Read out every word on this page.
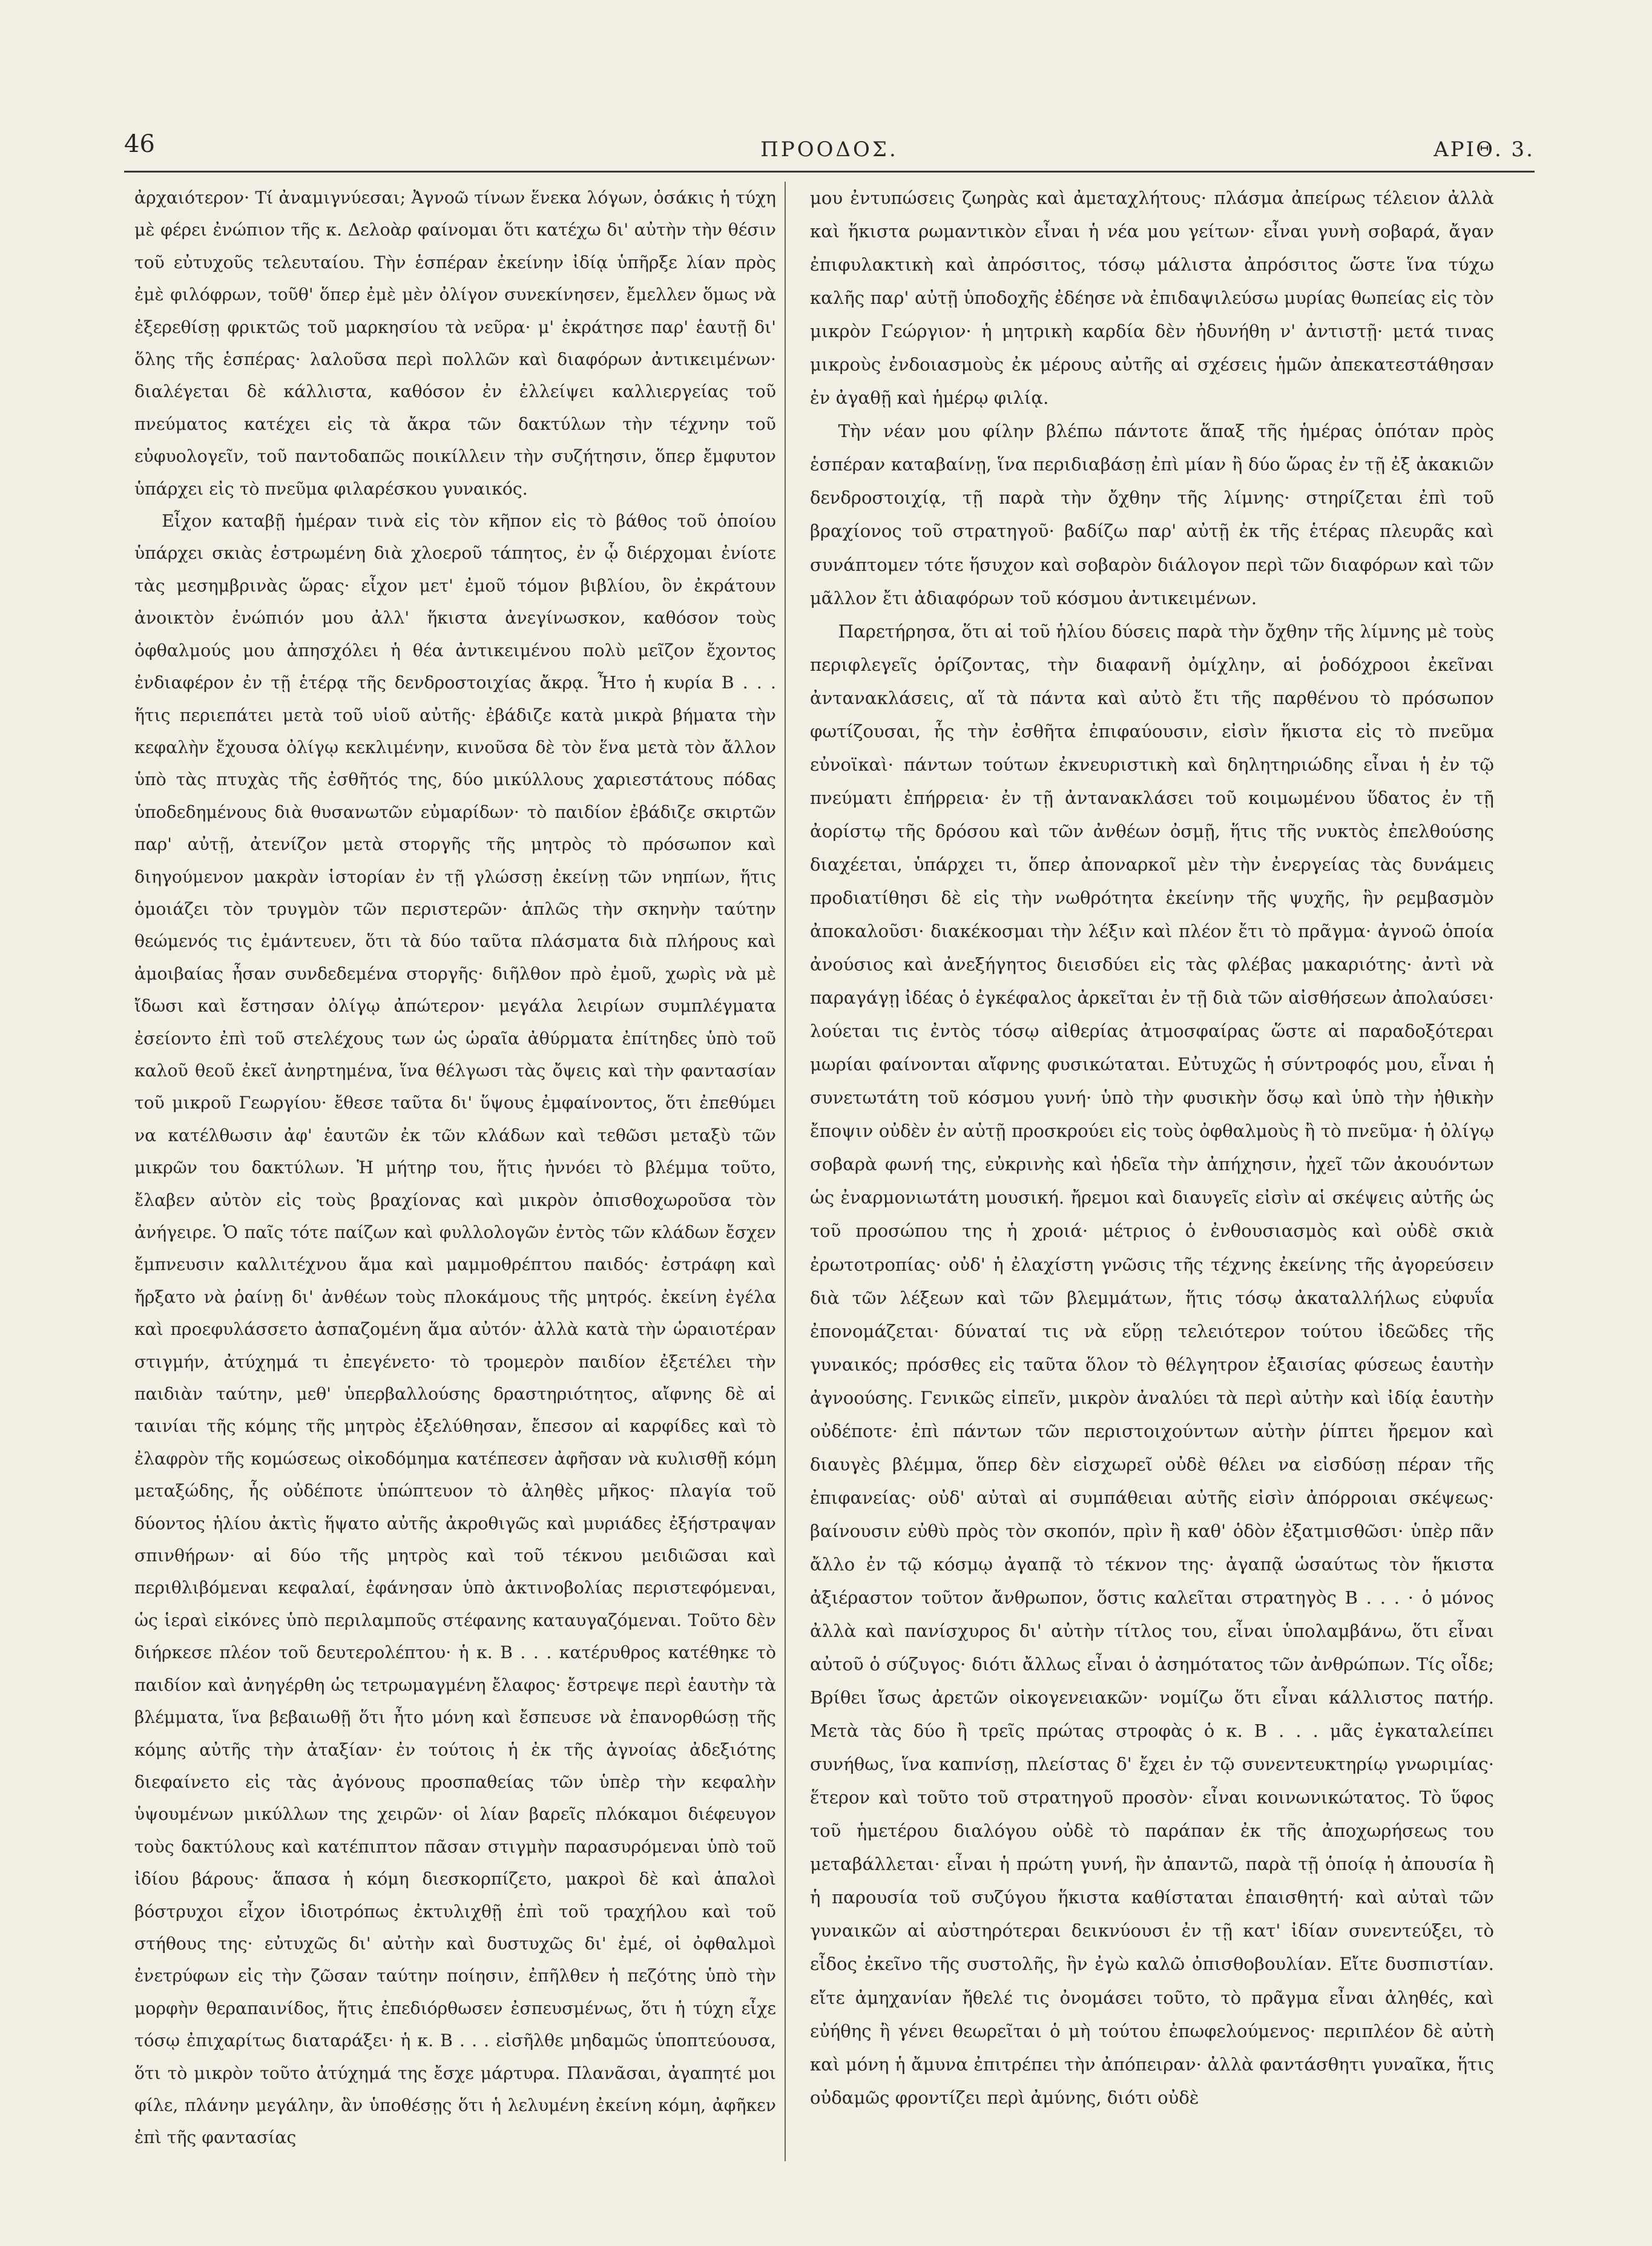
46	ΠΡΟΟΔΟΣ.	ΑΡΙΘ. 3.

ἀρχαιότερον· Τί ἀναμιγνύεσαι; Ἀγνοῶ τίνων ἕνεκα λόγων, ὁσάκις ἡ τύχη μὲ φέρει ἐνώπιον τῆς κ. Δελοὰρ φαίνομαι ὅτι κατέχω δι' αὐτὴν τὴν θέσιν τοῦ εὐτυχοῦς τελευταίου. Τὴν ἑσπέραν ἐκείνην ἰδίᾳ ὑπῆρξε λίαν πρὸς ἐμὲ φιλόφρων, τοῦθ' ὅπερ ἐμὲ μὲν ὀλίγον συνεκίνησεν, ἔμελλεν ὅμως νὰ ἐξερεθίσῃ φρικτῶς τοῦ μαρκησίου τὰ νεῦρα· μ' ἐκράτησε παρ' ἑαυτῇ δι' ὅλης τῆς ἑσπέρας· λαλοῦσα περὶ πολλῶν καὶ διαφόρων ἀντικειμένων· διαλέγεται δὲ κάλλιστα, καθόσον ἐν ἐλλείψει καλλιεργείας τοῦ πνεύματος κατέχει εἰς τὰ ἄκρα τῶν δακτύλων τὴν τέχνην τοῦ εὐφυολογεῖν, τοῦ παντοδαπῶς ποικίλλειν τὴν συζήτησιν, ὅπερ ἔμφυτον ὑπάρχει εἰς τὸ πνεῦμα φιλαρέσκου γυναικός.

Εἶχον καταβῇ ἡμέραν τινὰ εἰς τὸν κῆπον εἰς τὸ βάθος τοῦ ὁποίου ὑπάρχει σκιὰς ἐστρωμένη διὰ χλοεροῦ τάπητος, ἐν ᾧ διέρχομαι ἐνίοτε τὰς μεσημβρινὰς ὥρας· εἶχον μετ' ἐμοῦ τόμον βιβλίου, ὃν ἐκράτουν ἀνοικτὸν ἐνώπιόν μου ἀλλ' ἥκιστα ἀνεγίνωσκον, καθόσον τοὺς ὀφθαλμούς μου ἀπησχόλει ἡ θέα ἀντικειμένου πολὺ μεῖζον ἔχοντος ἐνδιαφέρον ἐν τῇ ἑτέρᾳ τῆς δενδροστοιχίας ἄκρᾳ. Ἦτο ἡ κυρία Β . . . ἥτις περιεπάτει μετὰ τοῦ υἱοῦ αὐτῆς· ἐβάδιζε κατὰ μικρὰ βήματα τὴν κεφαλὴν ἔχουσα ὀλίγῳ κεκλιμένην, κινοῦσα δὲ τὸν ἕνα μετὰ τὸν ἄλλον ὑπὸ τὰς πτυχὰς τῆς ἐσθῆτός της, δύο μικύλλους χαριεστάτους πόδας ὑποδεδημένους διὰ θυσανωτῶν εὐμαρίδων· τὸ παιδίον ἐβάδιζε σκιρτῶν παρ' αὐτῇ, ἀτενίζον μετὰ στοργῆς τῆς μητρὸς τὸ πρόσωπον καὶ διηγούμενον μακρὰν ἱστορίαν ἐν τῇ γλώσσῃ ἐκείνῃ τῶν νηπίων, ἥτις ὁμοιάζει τὸν τρυγμὸν τῶν περιστερῶν· ἁπλῶς τὴν σκηνὴν ταύτην θεώμενός τις ἐμάντευεν, ὅτι τὰ δύο ταῦτα πλάσματα διὰ πλήρους καὶ ἀμοιβαίας ἦσαν συνδεδεμένα στοργῆς· διῆλθον πρὸ ἐμοῦ, χωρὶς νὰ μὲ ἴδωσι καὶ ἔστησαν ὀλίγῳ ἀπώτερον· μεγάλα λειρίων συμπλέγματα ἐσείοντο ἐπὶ τοῦ στελέχους των ὡς ὡραῖα ἀθύρματα ἐπίτηδες ὑπὸ τοῦ καλοῦ θεοῦ ἐκεῖ ἀνηρτημένα, ἵνα θέλγωσι τὰς ὄψεις καὶ τὴν φαντασίαν τοῦ μικροῦ Γεωργίου· ἔθεσε ταῦτα δι' ὕψους ἐμφαίνοντος, ὅτι ἐπεθύμει να κατέλθωσιν ἀφ' ἑαυτῶν ἐκ τῶν κλάδων καὶ τεθῶσι μεταξὺ τῶν μικρῶν του δακτύλων. Ἡ μήτηρ του, ἥτις ἠννόει τὸ βλέμμα τοῦτο, ἔλαβεν αὐτὸν εἰς τοὺς βραχίονας καὶ μικρὸν ὀπισθοχωροῦσα τὸν ἀνήγειρε. Ὁ παῖς τότε παίζων καὶ φυλλολογῶν ἐντὸς τῶν κλάδων ἔσχεν ἔμπνευσιν καλλιτέχνου ἅμα καὶ μαμμοθρέπτου παιδός· ἐστράφη καὶ ἤρξατο νὰ ῥαίνῃ δι' ἀνθέων τοὺς πλοκάμους τῆς μητρός. ἐκείνη ἐγέλα καὶ προεφυλάσσετο ἀσπαζομένη ἅμα αὐτόν· ἀλλὰ κατὰ τὴν ὡραιοτέραν στιγμήν, ἀτύχημά τι ἐπεγένετο· τὸ τρομερὸν παιδίον ἐξετέλει τὴν παιδιὰν ταύτην, μεθ' ὑπερβαλλούσης δραστηριότητος, αἴφνης δὲ αἱ ταινίαι τῆς κόμης τῆς μητρὸς ἐξελύθησαν, ἔπεσον αἱ καρφίδες καὶ τὸ ἐλαφρὸν τῆς κομώσεως οἰκοδόμημα κατέπεσεν ἀφῆσαν νὰ κυλισθῇ κόμη μεταξώδης, ἧς οὐδέποτε ὑπώπτευον τὸ ἀληθὲς μῆκος· πλαγία τοῦ δύοντος ἡλίου ἀκτὶς ἥψατο αὐτῆς ἀκροθιγῶς καὶ μυριάδες ἐξήστραψαν σπινθήρων· αἱ δύο τῆς μητρὸς καὶ τοῦ τέκνου μειδιῶσαι καὶ περιθλιβόμεναι κεφαλαί, ἐφάνησαν ὑπὸ ἀκτινοβολίας περιστεφόμεναι, ὡς ἱεραὶ εἰκόνες ὑπὸ περιλαμποῦς στέφανης καταυγαζόμεναι. Τοῦτο δὲν διήρκεσε πλέον τοῦ δευτερολέπτου· ἡ κ. Β . . . κατέρυθρος κατέθηκε τὸ παιδίον καὶ ἀνηγέρθη ὡς τετρωμαγμένη ἔλαφος· ἔστρεψε περὶ ἑαυτὴν τὰ βλέμματα, ἵνα βεβαιωθῇ ὅτι ἦτο μόνη καὶ ἔσπευσε νὰ ἐπανορθώσῃ τῆς κόμης αὐτῆς τὴν ἀταξίαν· ἐν τούτοις ἡ ἐκ τῆς ἀγνοίας ἀδεξιότης διεφαίνετο εἰς τὰς ἀγόνους προσπαθείας τῶν ὑπὲρ τὴν κεφαλὴν ὑψουμένων μικύλλων της χειρῶν· οἱ λίαν βαρεῖς πλόκαμοι διέφευγον τοὺς δακτύλους καὶ κατέπιπτον πᾶσαν στιγμὴν παρασυρόμεναι ὑπὸ τοῦ ἰδίου βάρους· ἅπασα ἡ κόμη διεσκορπίζετο, μακροὶ δὲ καὶ ἁπαλοὶ βόστρυχοι εἶχον ἰδιοτρόπως ἐκτυλιχθῇ ἐπὶ τοῦ τραχήλου καὶ τοῦ στήθους της· εὐτυχῶς δι' αὐτὴν καὶ δυστυχῶς δι' ἐμέ, οἱ ὀφθαλμοὶ ἐνετρύφων εἰς τὴν ζῶσαν ταύτην ποίησιν, ἐπῆλθεν ἡ πεζότης ὑπὸ τὴν μορφὴν θεραπαινίδος, ἥτις ἐπεδιόρθωσεν ἐσπευσμένως, ὅτι ἡ τύχη εἶχε τόσῳ ἐπιχαρίτως διαταράξει· ἡ κ. Β . . . εἰσῆλθε μηδαμῶς ὑποπτεύουσα, ὅτι τὸ μικρὸν τοῦτο ἀτύχημά της ἔσχε μάρτυρα. Πλανᾶσαι, ἀγαπητέ μοι φίλε, πλάνην μεγάλην, ἂν ὑποθέσῃς ὅτι ἡ λελυμένη ἐκείνη κόμη, ἀφῆκεν ἐπὶ τῆς φαντασίας

μου ἐντυπώσεις ζωηρὰς καὶ ἀμεταχλήτους· πλάσμα ἀπείρως τέλειον ἀλλὰ καὶ ἥκιστα ρωμαντικὸν εἶναι ἡ νέα μου γείτων· εἶναι γυνὴ σοβαρά, ἄγαν ἐπιφυλακτικὴ καὶ ἀπρόσιτος, τόσῳ μάλιστα ἀπρόσιτος ὥστε ἵνα τύχω καλῆς παρ' αὐτῇ ὑποδοχῆς ἐδέησε νὰ ἐπιδαψιλεύσω μυρίας θωπείας εἰς τὸν μικρὸν Γεώργιον· ἡ μητρικὴ καρδία δὲν ἠδυνήθη ν' ἀντιστῇ· μετά τινας μικροὺς ἐνδοιασμοὺς ἐκ μέρους αὐτῆς αἱ σχέσεις ἡμῶν ἀπεκατεστάθησαν ἐν ἀγαθῇ καὶ ἡμέρῳ φιλίᾳ.

Τὴν νέαν μου φίλην βλέπω πάντοτε ἅπαξ τῆς ἡμέρας ὁπόταν πρὸς ἑσπέραν καταβαίνῃ, ἵνα περιδιαβάσῃ ἐπὶ μίαν ἢ δύο ὥρας ἐν τῇ ἐξ ἀκακιῶν δενδροστοιχίᾳ, τῇ παρὰ τὴν ὄχθην τῆς λίμνης· στηρίζεται ἐπὶ τοῦ βραχίονος τοῦ στρατηγοῦ· βαδίζω παρ' αὐτῇ ἐκ τῆς ἑτέρας πλευρᾶς καὶ συνάπτομεν τότε ἥσυχον καὶ σοβαρὸν διάλογον περὶ τῶν διαφόρων καὶ τῶν μᾶλλον ἔτι ἀδιαφόρων τοῦ κόσμου ἀντικειμένων.

Παρετήρησα, ὅτι αἱ τοῦ ἡλίου δύσεις παρὰ τὴν ὄχθην τῆς λίμνης μὲ τοὺς περιφλεγεῖς ὁρίζοντας, τὴν διαφανῆ ὀμίχλην, αἱ ῥοδόχροοι ἐκεῖναι ἀντανακλάσεις, αἵ τὰ πάντα καὶ αὐτὸ ἔτι τῆς παρθένου τὸ πρόσωπον φωτίζουσαι, ἧς τὴν ἐσθῆτα ἐπιφαύουσιν, εἰσὶν ἥκιστα εἰς τὸ πνεῦμα εὐνοϊκαὶ· πάντων τούτων ἐκνευριστικὴ καὶ δηλητηριώδης εἶναι ἡ ἐν τῷ πνεύματι ἐπήρρεια· ἐν τῇ ἀντανακλάσει τοῦ κοιμωμένου ὕδατος ἐν τῇ ἀορίστῳ τῆς δρόσου καὶ τῶν ἀνθέων ὀσμῇ, ἥτις τῆς νυκτὸς ἐπελθούσης διαχέεται, ὑπάρχει τι, ὅπερ ἀποναρκοῖ μὲν τὴν ἐνεργείας τὰς δυνάμεις προδιατίθησι δὲ εἰς τὴν νωθρότητα ἐκείνην τῆς ψυχῆς, ἣν ρεμβασμὸν ἀποκαλοῦσι· διακέκοσμαι τὴν λέξιν καὶ πλέον ἔτι τὸ πρᾶγμα· ἀγνοῶ ὁποία ἀνούσιος καὶ ἀνεξήγητος διεισδύει εἰς τὰς φλέβας μακαριότης· ἀντὶ νὰ παραγάγῃ ἰδέας ὁ ἐγκέφαλος ἀρκεῖται ἐν τῇ διὰ τῶν αἰσθήσεων ἀπολαύσει· λούεται τις ἐντὸς τόσῳ αἰθερίας ἀτμοσφαίρας ὥστε αἱ παραδοξότεραι μωρίαι φαίνονται αἴφνης φυσικώταται. Εὐτυχῶς ἡ σύντροφός μου, εἶναι ἡ συνετωτάτη τοῦ κόσμου γυνή· ὑπὸ τὴν φυσικὴν ὅσῳ καὶ ὑπὸ τὴν ἠθικὴν ἔποψιν οὐδὲν ἐν αὐτῇ προσκρούει εἰς τοὺς ὀφθαλμοὺς ἢ τὸ πνεῦμα· ἡ ὀλίγῳ σοβαρὰ φωνή της, εὐκρινὴς καὶ ἡδεῖα τὴν ἀπήχησιν, ἠχεῖ τῶν ἀκουόντων ὡς ἐναρμονιωτάτη μουσική. ἤρεμοι καὶ διαυγεῖς εἰσὶν αἱ σκέψεις αὐτῆς ὡς τοῦ προσώπου της ἡ χροιά· μέτριος ὁ ἐνθουσιασμὸς καὶ οὐδὲ σκιὰ ἐρωτοτροπίας· οὐδ' ἡ ἐλαχίστη γνῶσις τῆς τέχνης ἐκείνης τῆς ἀγορεύσειν διὰ τῶν λέξεων καὶ τῶν βλεμμάτων, ἥτις τόσῳ ἀκαταλλήλως εὐφυΐα ἐπονομάζεται· δύναταί τις νὰ εὕρῃ τελειότερον τούτου ἰδεῶδες τῆς γυναικός; πρόσθες εἰς ταῦτα ὅλον τὸ θέλγητρον ἐξαισίας φύσεως ἑαυτὴν ἀγνοούσης. Γενικῶς εἰπεῖν, μικρὸν ἀναλύει τὰ περὶ αὐτὴν καὶ ἰδίᾳ ἑαυτὴν οὐδέποτε· ἐπὶ πάντων τῶν περιστοιχούντων αὐτὴν ῥίπτει ἤρεμον καὶ διαυγὲς βλέμμα, ὅπερ δὲν εἰσχωρεῖ οὐδὲ θέλει να εἰσδύσῃ πέραν τῆς ἐπιφανείας· οὐδ' αὐταὶ αἱ συμπάθειαι αὐτῆς εἰσὶν ἀπόρροιαι σκέψεως· βαίνουσιν εὐθὺ πρὸς τὸν σκοπόν, πρὶν ἢ καθ' ὁδὸν ἐξατμισθῶσι· ὑπὲρ πᾶν ἄλλο ἐν τῷ κόσμῳ ἀγαπᾷ τὸ τέκνον της· ἀγαπᾷ ὡσαύτως τὸν ἥκιστα ἀξιέραστον τοῦτον ἄνθρωπον, ὅστις καλεῖται στρατηγὸς Β . . . · ὁ μόνος ἀλλὰ καὶ πανίσχυρος δι' αὐτὴν τίτλος του, εἶναι ὑπολαμβάνω, ὅτι εἶναι αὐτοῦ ὁ σύζυγος· διότι ἄλλως εἶναι ὁ ἀσημότατος τῶν ἀνθρώπων. Τίς οἶδε; Βρίθει ἴσως ἀρετῶν οἰκογενειακῶν· νομίζω ὅτι εἶναι κάλλιστος πατήρ. Μετὰ τὰς δύο ἢ τρεῖς πρώτας στροφὰς ὁ κ. Β . . . μᾶς ἐγκαταλείπει συνήθως, ἵνα καπνίσῃ, πλείστας δ' ἔχει ἐν τῷ συνεντευκτηρίῳ γνωριμίας· ἕτερον καὶ τοῦτο τοῦ στρατηγοῦ προσὸν· εἶναι κοινωνικώτατος. Τὸ ὕφος τοῦ ἡμετέρου διαλόγου οὐδὲ τὸ παράπαν ἐκ τῆς ἀποχωρήσεως του μεταβάλλεται· εἶναι ἡ πρώτη γυνή, ἣν ἀπαντῶ, παρὰ τῇ ὁποίᾳ ἡ ἀπουσία ἢ ἡ παρουσία τοῦ συζύγου ἥκιστα καθίσταται ἐπαισθητή· καὶ αὐταὶ τῶν γυναικῶν αἱ αὐστηρότεραι δεικνύουσι ἐν τῇ κατ' ἰδίαν συνεντεύξει, τὸ εἶδος ἐκεῖνο τῆς συστολῆς, ἣν ἐγὼ καλῶ ὀπισθοβουλίαν. Εἴτε δυσπιστίαν. εἴτε ἀμηχανίαν ἤθελέ τις ὀνομάσει τοῦτο, τὸ πρᾶγμα εἶναι ἀληθές, καὶ εὐήθης ἢ γένει θεωρεῖται ὁ μὴ τούτου ἐπωφελούμενος· περιπλέον δὲ αὐτὴ καὶ μόνη ἡ ἄμυνα ἐπιτρέπει τὴν ἀπόπειραν· ἀλλὰ φαντάσθητι γυναῖκα, ἥτις οὐδαμῶς φροντίζει περὶ ἀμύνης, διότι οὐδὲ
